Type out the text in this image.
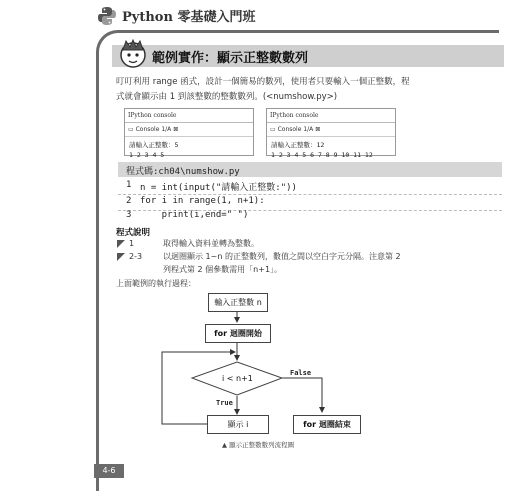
Python 零基礎入門班
範例實作：顯示正整數數列
叮叮利用 range 函式，設計一個簡易的數列，使用者只要輸入一個正整數，程
式就會顯示由 1 到該整數的整數數列。(<numshow.py>)
IPython console
▭ Console 1/A ⊠
請輸入正整數：5
1 2 3 4 5
IPython console
▭ Console 1/A ⊠
請輸入正整數：12
1 2 3 4 5 6 7 8 9 10 11 12
程式碼:ch04\numshow.py
1 n = int(input("請輸入正整數:"))
2 for i in range(1, n+1):
3 print(i,end=" ")
程式說明
1	取得輸入資料並轉為整數。
2-3	以迴圈顯示 1~n 的正整數列，數值之間以空白字元分隔。注意第 2
列程式第 2 個參數需用「n+1」。
上面範例的執行過程：
輸入正整數 n
for 迴圈開始
i < n+1
False
True
顯示 i	for 迴圈結束
▲ 顯示正整數數列流程圖
4-6
